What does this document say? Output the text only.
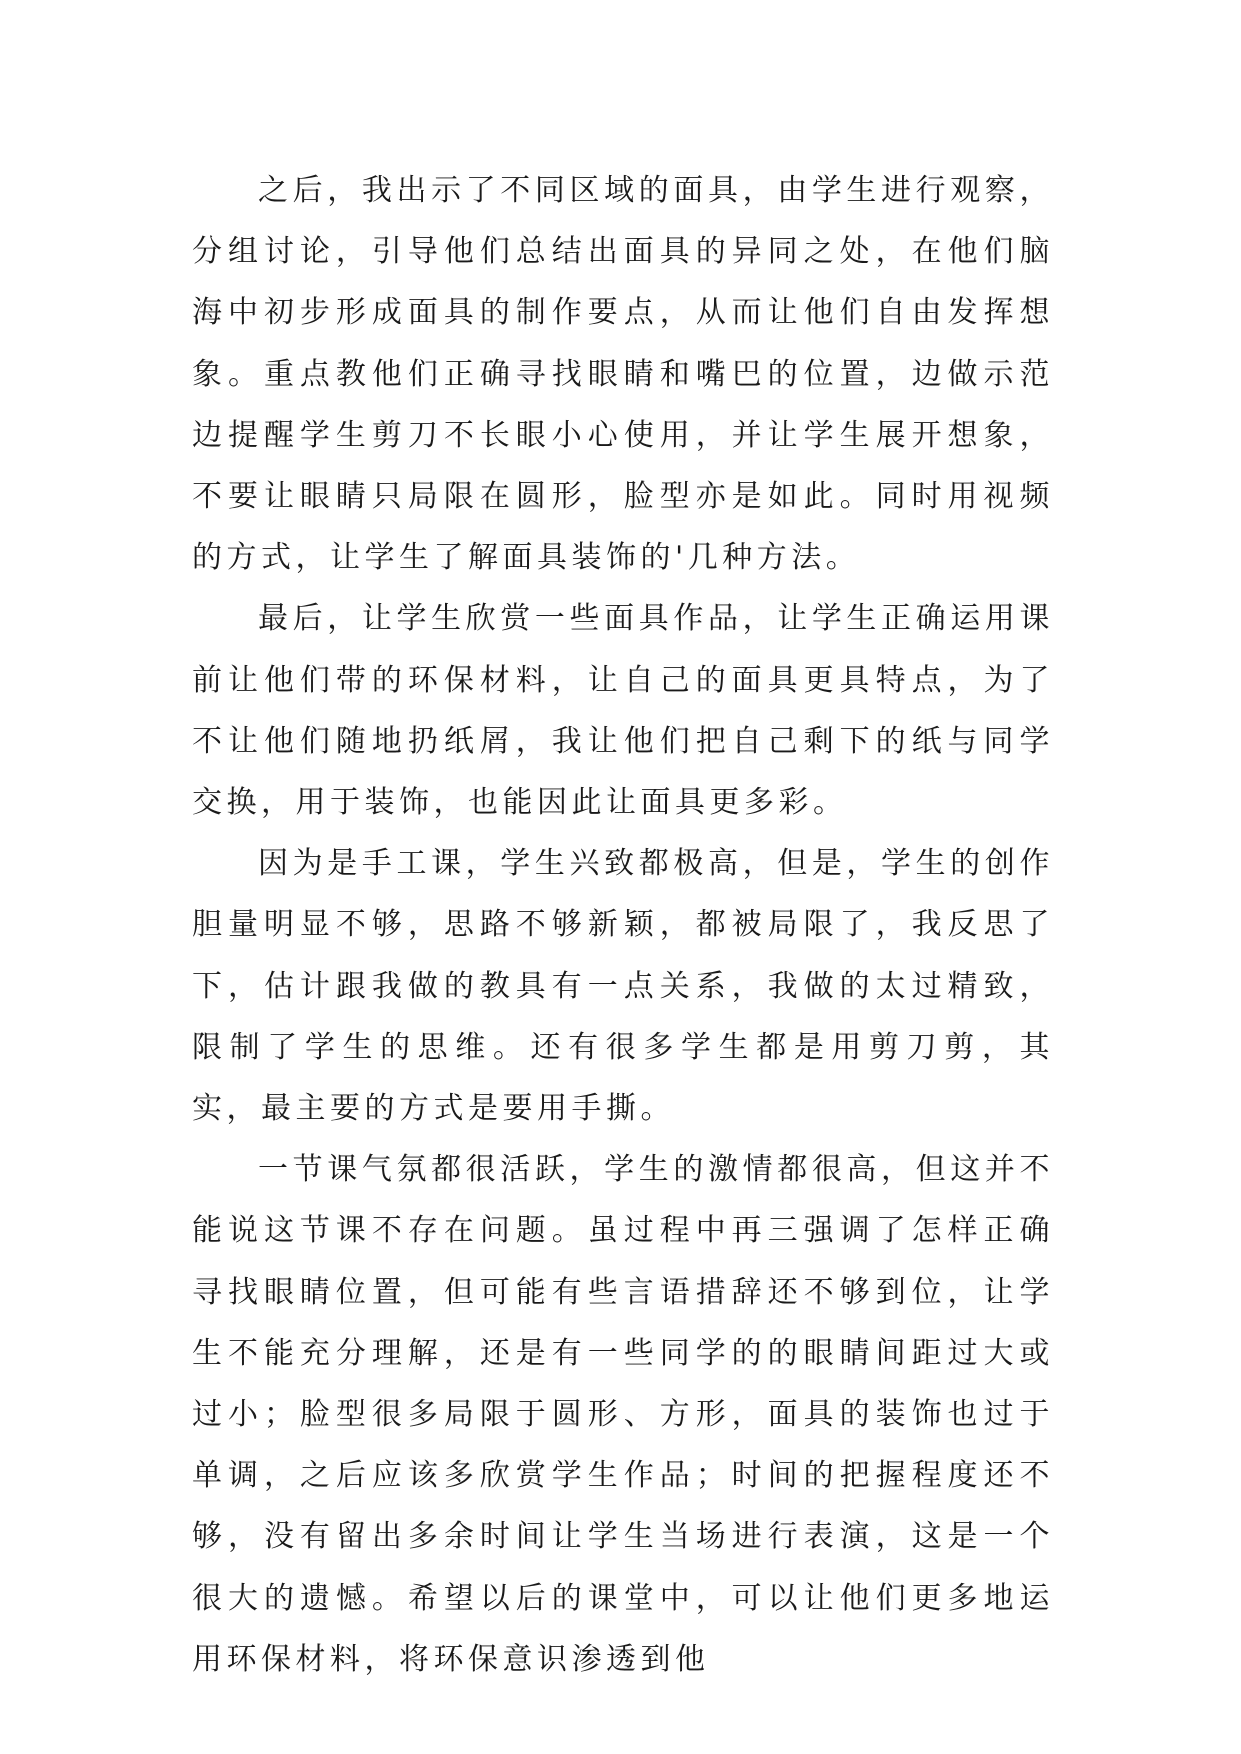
之后，我出示了不同区域的面具，由学生进行观察，分组讨论，引导他们总结出面具的异同之处，在他们脑海中初步形成面具的制作要点，从而让他们自由发挥想象。重点教他们正确寻找眼睛和嘴巴的位置，边做示范边提醒学生剪刀不长眼小心使用，并让学生展开想象，不要让眼睛只局限在圆形，脸型亦是如此。同时用视频的方式，让学生了解面具装饰的'几种方法。

最后，让学生欣赏一些面具作品，让学生正确运用课前让他们带的环保材料，让自己的面具更具特点，为了不让他们随地扔纸屑，我让他们把自己剩下的纸与同学交换，用于装饰，也能因此让面具更多彩。

因为是手工课，学生兴致都极高，但是，学生的创作胆量明显不够，思路不够新颖，都被局限了，我反思了下，估计跟我做的教具有一点关系，我做的太过精致，限制了学生的思维。还有很多学生都是用剪刀剪，其实，最主要的方式是要用手撕。

一节课气氛都很活跃，学生的激情都很高，但这并不能说这节课不存在问题。虽过程中再三强调了怎样正确寻找眼睛位置，但可能有些言语措辞还不够到位，让学生不能充分理解，还是有一些同学的的眼睛间距过大或过小；脸型很多局限于圆形、方形，面具的装饰也过于单调，之后应该多欣赏学生作品；时间的把握程度还不够，没有留出多余时间让学生当场进行表演，这是一个很大的遗憾。希望以后的课堂中，可以让他们更多地运用环保材料，将环保意识渗透到他
